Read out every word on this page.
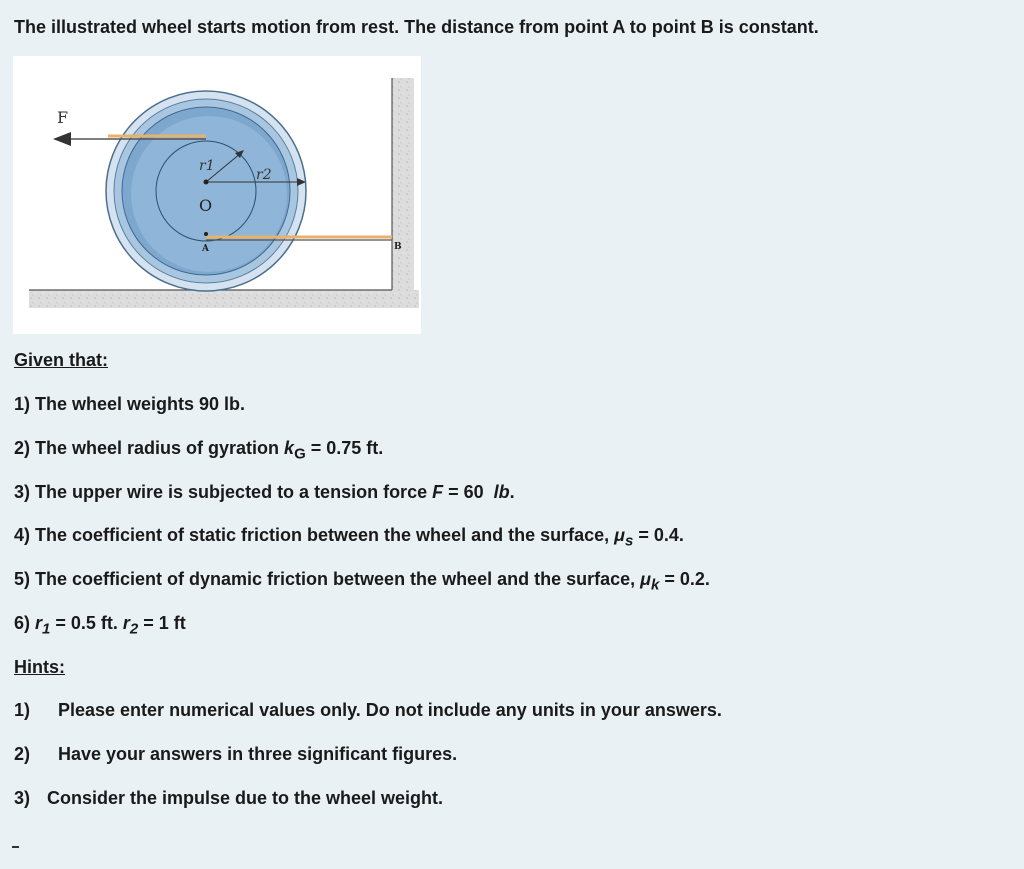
The illustrated wheel starts motion from rest. The distance from point A to point B is constant.

F
r1
r2
O
A	B

Given that:

1) The wheel weights 90 lb.

2) The wheel radius of gyration $k_G = 0.75$ ft.

3) The upper wire is subjected to a tension force F = 60  lb.

4) The coefficient of static friction between the wheel and the surface, $\mu_s = 0.4$.

5) The coefficient of dynamic friction between the wheel and the surface, $\mu_k = 0.2$.

6) $r_1 = 0.5$ ft. $r_2 = 1$ ft

Hints:

1) Please enter numerical values only. Do not include any units in your answers.

2) Have your answers in three significant figures.

3) Consider the impulse due to the wheel weight.
